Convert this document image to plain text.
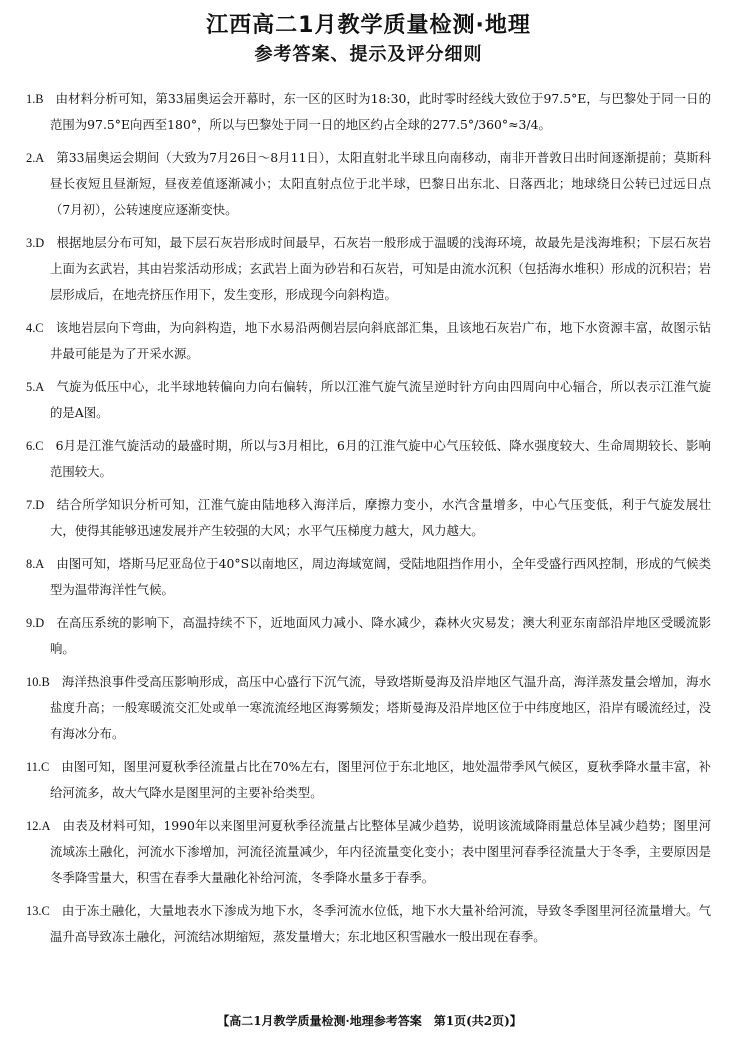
江西高二1月教学质量检测·地理
参考答案、提示及评分细则

1.B 由材料分析可知，第33届奥运会开幕时，东一区的区时为18:30，此时零时经线大致位于97.5°E，与巴黎处于同一日的范围为97.5°E向西至180°，所以与巴黎处于同一日的地区约占全球的277.5°/360°≈3/4。

2.A 第33届奥运会期间（大致为7月26日～8月11日），太阳直射北半球且向南移动，南非开普敦日出时间逐渐提前；莫斯科昼长夜短且昼渐短，昼夜差值逐渐减小；太阳直射点位于北半球，巴黎日出东北、日落西北；地球绕日公转已过远日点（7月初），公转速度应逐渐变快。

3.D 根据地层分布可知，最下层石灰岩形成时间最早，石灰岩一般形成于温暖的浅海环境，故最先是浅海堆积；下层石灰岩上面为玄武岩，其由岩浆活动形成；玄武岩上面为砂岩和石灰岩，可知是由流水沉积（包括海水堆积）形成的沉积岩；岩层形成后，在地壳挤压作用下，发生变形，形成现今向斜构造。

4.C 该地岩层向下弯曲，为向斜构造，地下水易沿两侧岩层向斜底部汇集，且该地石灰岩广布，地下水资源丰富，故图示钻井最可能是为了开采水源。

5.A 气旋为低压中心，北半球地转偏向力向右偏转，所以江淮气旋气流呈逆时针方向由四周向中心辐合，所以表示江淮气旋的是A图。

6.C 6月是江淮气旋活动的最盛时期，所以与3月相比，6月的江淮气旋中心气压较低、降水强度较大、生命周期较长、影响范围较大。

7.D 结合所学知识分析可知，江淮气旋由陆地移入海洋后，摩擦力变小，水汽含量增多，中心气压变低，利于气旋发展壮大，使得其能够迅速发展并产生较强的大风；水平气压梯度力越大，风力越大。

8.A 由图可知，塔斯马尼亚岛位于40°S以南地区，周边海域宽阔，受陆地阻挡作用小，全年受盛行西风控制，形成的气候类型为温带海洋性气候。

9.D 在高压系统的影响下，高温持续不下，近地面风力减小、降水减少，森林火灾易发；澳大利亚东南部沿岸地区受暖流影响。

10.B 海洋热浪事件受高压影响形成，高压中心盛行下沉气流，导致塔斯曼海及沿岸地区气温升高，海洋蒸发量会增加，海水盐度升高；一般寒暖流交汇处或单一寒流流经地区海雾频发；塔斯曼海及沿岸地区位于中纬度地区，沿岸有暖流经过，没有海冰分布。

11.C 由图可知，图里河夏秋季径流量占比在70%左右，图里河位于东北地区，地处温带季风气候区，夏秋季降水量丰富，补给河流多，故大气降水是图里河的主要补给类型。

12.A 由表及材料可知，1990年以来图里河夏秋季径流量占比整体呈减少趋势，说明该流域降雨量总体呈减少趋势；图里河流域冻土融化，河流水下渗增加，河流径流量减少，年内径流量变化变小；表中图里河春季径流量大于冬季，主要原因是冬季降雪量大，积雪在春季大量融化补给河流，冬季降水量多于春季。

13.C 由于冻土融化，大量地表水下渗成为地下水，冬季河流水位低，地下水大量补给河流，导致冬季图里河径流量增大。气温升高导致冻土融化，河流结冰期缩短，蒸发量增大；东北地区积雪融水一般出现在春季。

【高二1月教学质量检测·地理参考答案　第1页(共2页)】
